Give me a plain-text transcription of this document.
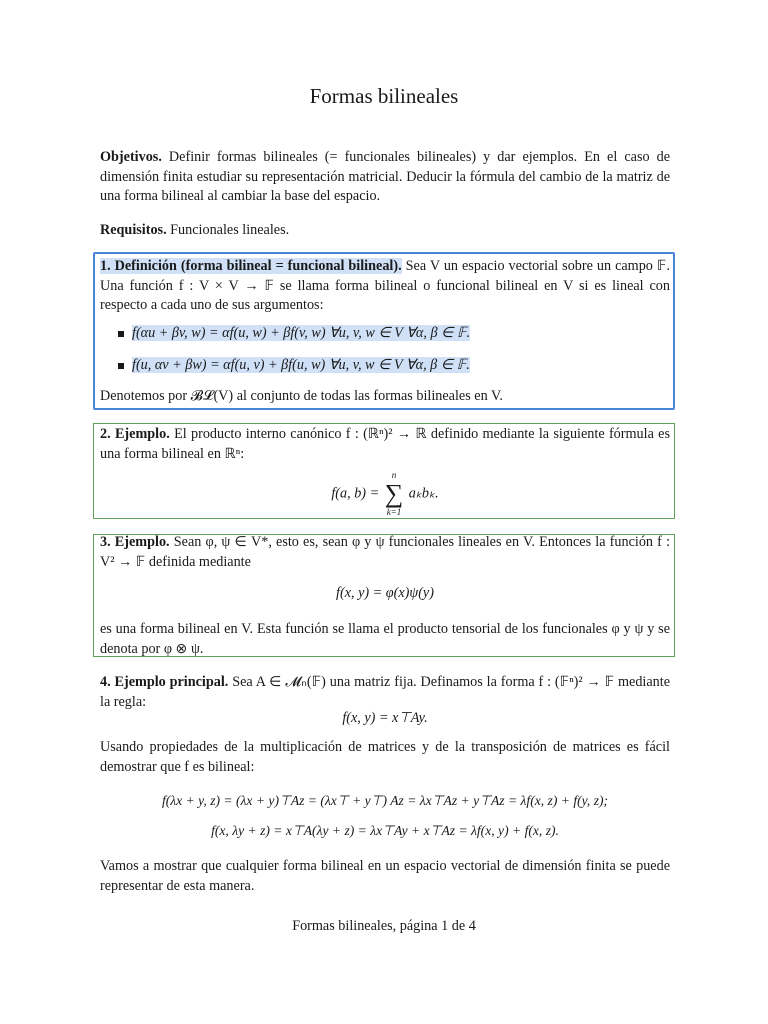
Formas bilineales
Objetivos. Definir formas bilineales (= funcionales bilineales) y dar ejemplos. En el caso de dimensión finita estudiar su representación matricial. Deducir la fórmula del cambio de la matriz de una forma bilineal al cambiar la base del espacio.
Requisitos. Funcionales lineales.
1. Definición (forma bilineal = funcional bilineal). Sea V un espacio vectorial sobre un campo 𝔽. Una función f : V × V → 𝔽 se llama forma bilineal o funcional bilineal en V si es lineal con respecto a cada uno de sus argumentos:
f(αu + βv, w) = αf(u, w) + βf(v, w) ∀u, v, w ∈ V ∀α, β ∈ 𝔽.
f(u, αv + βw) = αf(u, v) + βf(u, w) ∀u, v, w ∈ V ∀α, β ∈ 𝔽.
Denotemos por 𝓑𝓛(V) al conjunto de todas las formas bilineales en V.
2. Ejemplo. El producto interno canónico f : (ℝⁿ)² → ℝ definido mediante la siguiente fórmula es una forma bilineal en ℝⁿ:
f(a, b) =
n
∑
k=1
aₖbₖ.
3. Ejemplo. Sean φ, ψ ∈ V*, esto es, sean φ y ψ funcionales lineales en V. Entonces la función f : V² → 𝔽 definida mediante
f(x, y) = φ(x)ψ(y)
es una forma bilineal en V. Esta función se llama el producto tensorial de los funcionales φ y ψ y se denota por φ ⊗ ψ.
4. Ejemplo principal. Sea A ∈ 𝓜ₙ(𝔽) una matriz fija. Definamos la forma f : (𝔽ⁿ)² → 𝔽 mediante la regla:
f(x, y) = x⊤Ay.
Usando propiedades de la multiplicación de matrices y de la transposición de matrices es fácil demostrar que f es bilineal:
f(λx + y, z) = (λx + y)⊤Az = (λx⊤ + y⊤) Az = λx⊤Az + y⊤Az = λf(x, z) + f(y, z);
f(x, λy + z) = x⊤A(λy + z) = λx⊤Ay + x⊤Az = λf(x, y) + f(x, z).
Vamos a mostrar que cualquier forma bilineal en un espacio vectorial de dimensión finita se puede representar de esta manera.
Formas bilineales, página 1 de 4
